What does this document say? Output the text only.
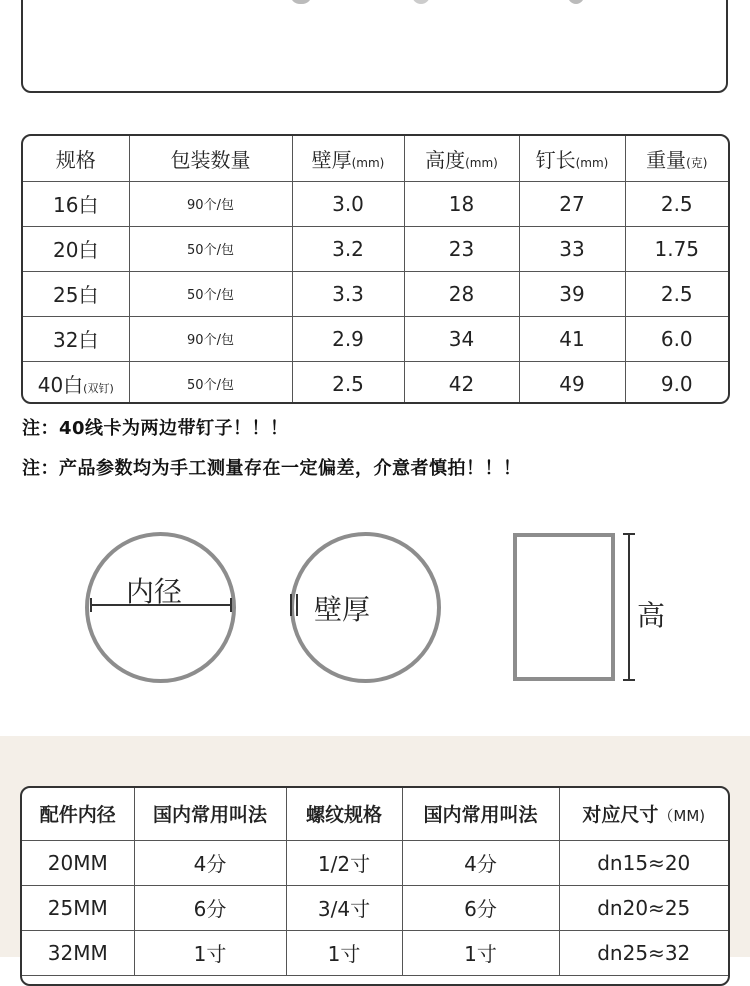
规格	包装数量	壁厚(mm)	高度(mm)	钉长(mm)	重量(克)
16白	90个/包	3.0	18	27	2.5
20白	50个/包	3.2	23	33	1.75
25白	50个/包	3.3	28	39	2.5
32白	90个/包	2.9	34	41	6.0
40白(双钉)	50个/包	2.5	42	49	9.0
注：40线卡为两边带钉子！！！
注：产品参数均为手工测量存在一定偏差，介意者慎拍！！！
内径
壁厚	高
配件内径	国内常用叫法	螺纹规格	国内常用叫法	对应尺寸（MM)
20MM	4分	1/2寸	4分	dn15≈20
25MM	6分	3/4寸	6分	dn20≈25
32MM	1寸	1寸	1寸	dn25≈32
